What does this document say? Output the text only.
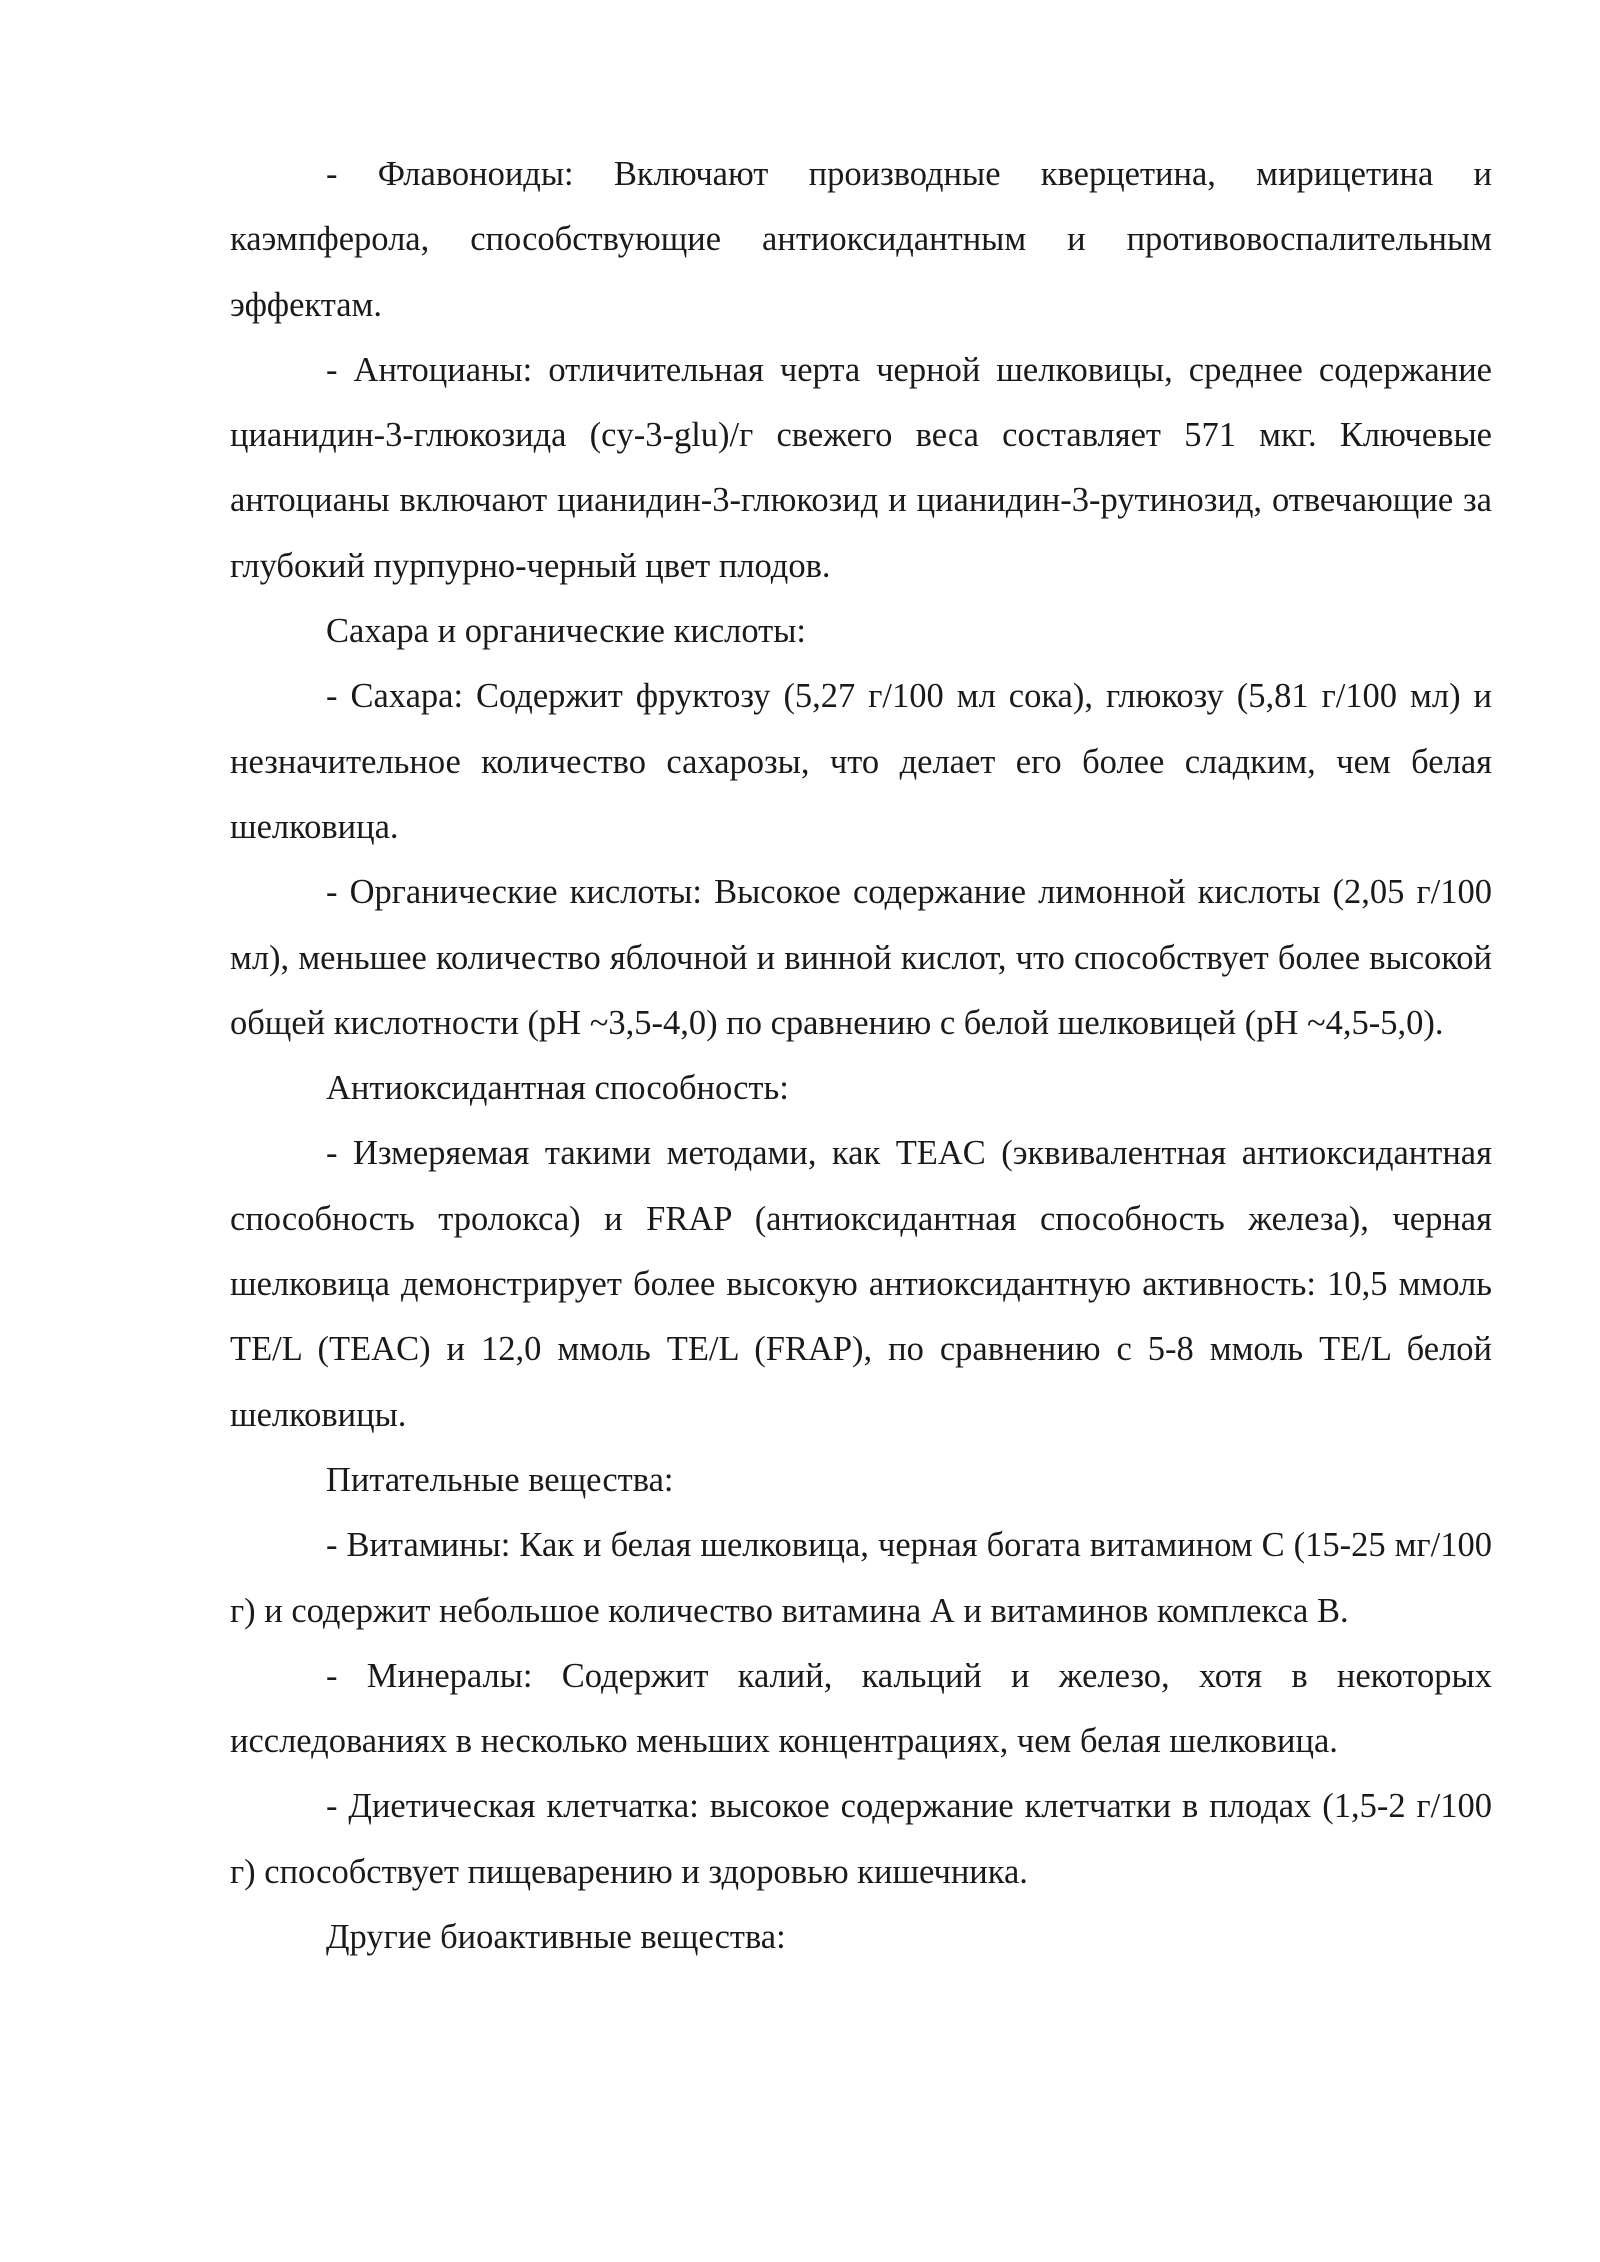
- Флавоноиды: Включают производные кверцетина, мирицетина и каэмпферола, способствующие антиоксидантным и противовоспалительным эффектам.

- Антоцианы: отличительная черта черной шелковицы, среднее содержание цианидин-3-глюкозида (cy-3-glu)/г свежего веса составляет 571 мкг. Ключевые антоцианы включают цианидин-3-глюкозид и цианидин-3-рутинозид, отвечающие за глубокий пурпурно-черный цвет плодов.

Сахара и органические кислоты:

- Сахара: Содержит фруктозу (5,27 г/100 мл сока), глюкозу (5,81 г/100 мл) и незначительное количество сахарозы, что делает его более сладким, чем белая шелковица.

- Органические кислоты: Высокое содержание лимонной кислоты (2,05 г/100 мл), меньшее количество яблочной и винной кислот, что способствует более высокой общей кислотности (pH ~3,5-4,0) по сравнению с белой шелковицей (pH ~4,5-5,0).

Антиоксидантная способность:

- Измеряемая такими методами, как TEAC (эквивалентная антиоксидантная способность тролокса) и FRAP (антиоксидантная способность железа), черная шелковица демонстрирует более высокую антиоксидантную активность: 10,5 ммоль TE/L (TEAC) и 12,0 ммоль TE/L (FRAP), по сравнению с 5-8 ммоль TE/L белой шелковицы.

Питательные вещества:

- Витамины: Как и белая шелковица, черная богата витамином С (15-25 мг/100 г) и содержит небольшое количество витамина А и витаминов комплекса В.

- Минералы: Содержит калий, кальций и железо, хотя в некоторых исследованиях в несколько меньших концентрациях, чем белая шелковица.

- Диетическая клетчатка: высокое содержание клетчатки в плодах (1,5-2 г/100 г) способствует пищеварению и здоровью кишечника.

Другие биоактивные вещества:
